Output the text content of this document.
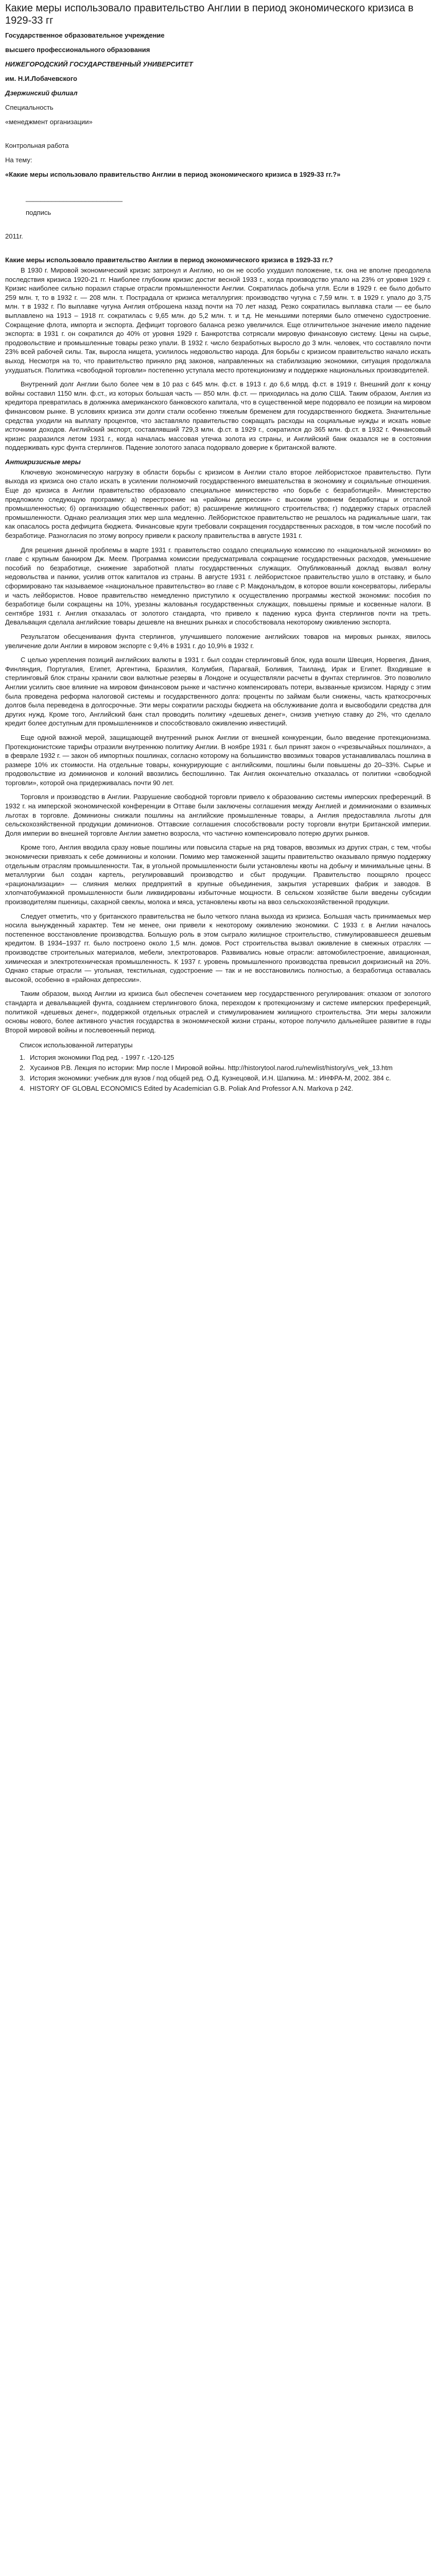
Какие меры использовало правительство Англии в период экономического кризиса в 1929-33 гг

Государственное образовательное учреждение

высшего профессионального образования

НИЖЕГОРОДСКИЙ ГОСУДАРСТВЕННЫЙ УНИВЕРСИТЕТ

им. Н.И.Лобачевского

Дзержинский филиал

Специальность

«менеджмент организации»

Контрольная работа

На тему:

«Какие меры использовало правительство Англии в период экономического кризиса в 1929-33 гг.?»

__________________________

подпись

2011г.

Какие меры использовало правительство Англии в период экономического кризиса в 1929-33 гг.?

В 1930 г. Мировой экономический кризис затронул и Англию, но он не особо ухудшил положение, т.к. она не вполне преодолела последствия кризиса 1920-21 гг. Наиболее глубоким кризис достиг весной 1933 г., когда производство упало на 23% от уровня 1929 г. Кризис наиболее сильно поразил старые отрасли промышленности Англии. Сократилась добыча угля. Если в 1929 г. ее было добыто 259 млн. т, то в 1932 г. — 208 млн. т. Пострадала от кризиса металлургия: производство чугуна с 7,59 млн. т. в 1929 г. упало до 3,75 млн. т в 1932 г. По выплавке чугуна Англия отброшена назад почти на 70 лет назад. Резко сократилась выплавка стали — ее было выплавлено на 1913 – 1918 гг. сократилась с 9,65 млн. до 5,2 млн. т. и т.д. Не меньшими потерями было отмечено судостроение. Сокращение флота, импорта и экспорта. Дефицит торгового баланса резко увеличился. Еще отличительное значение имело падение экспорта: в 1931 г. он сократился до 40% от уровня 1929 г. Банкротства сотрясали мировую финансовую систему. Цены на сырье, продовольствие и промышленные товары резко упали. В 1932 г. число безработных выросло до 3 млн. человек, что составляло почти 23% всей рабочей силы. Так, выросла нищета, усилилось недовольство народа. Для борьбы с кризисом правительство начало искать выход. Несмотря на то, что правительство приняло ряд законов, направленных на стабилизацию экономики, ситуация продолжала ухудшаться. Политика «свободной торговли» постепенно уступала место протекционизму и поддержке национальных производителей.

Внутренний долг Англии было более чем в 10 раз с 645 млн. ф.ст. в 1913 г. до 6,6 млрд. ф.ст. в 1919 г. Внешний долг к концу войны составил 1150 млн. ф.ст., из которых большая часть — 850 млн. ф.ст. — приходилась на долю США. Таким образом, Англия из кредитора превратилась в должника американского банковского капитала, что в существенной мере подорвало ее позиции на мировом финансовом рынке. В условиях кризиса эти долги стали особенно тяжелым бременем для государственного бюджета. Значительные средства уходили на выплату процентов, что заставляло правительство сокращать расходы на социальные нужды и искать новые источники доходов. Английский экспорт, составлявший 729,3 млн. ф.ст. в 1929 г., сократился до 365 млн. ф.ст. в 1932 г. Финансовый кризис разразился летом 1931 г., когда началась массовая утечка золота из страны, и Английский банк оказался не в состоянии поддерживать курс фунта стерлингов. Падение золотого запаса подорвало доверие к британской валюте.

Антикризисные меры

Ключевую экономическую нагрузку в области борьбы с кризисом в Англии стало второе лейбористское правительство. Пути выхода из кризиса оно стало искать в усилении полномочий государственного вмешательства в экономику и социальные отношения. Еще до кризиса в Англии правительство образовало специальное министерство «по борьбе с безработицей». Министерство предложило следующую программу: а) перестроение на «районы депрессии» с высоким уровнем безработицы и отсталой промышленностью; б) организацию общественных работ; в) расширение жилищного строительства; г) поддержку старых отраслей промышленности. Однако реализация этих мер шла медленно. Лейбористское правительство не решалось на радикальные шаги, так как опасалось роста дефицита бюджета. Финансовые круги требовали сокращения государственных расходов, в том числе пособий по безработице. Разногласия по этому вопросу привели к расколу правительства в августе 1931 г.

Для решения данной проблемы в марте 1931 г. правительство создало специальную комиссию по «национальной экономии» во главе с крупным банкиром Дж. Меем. Программа комиссии предусматривала сокращение государственных расходов, уменьшение пособий по безработице, снижение заработной платы государственных служащих. Опубликованный доклад вызвал волну недовольства и паники, усилив отток капиталов из страны. В августе 1931 г. лейбористское правительство ушло в отставку, и было сформировано так называемое «национальное правительство» во главе с Р. Макдональдом, в которое вошли консерваторы, либералы и часть лейбористов. Новое правительство немедленно приступило к осуществлению программы жесткой экономии: пособия по безработице были сокращены на 10%, урезаны жалованья государственных служащих, повышены прямые и косвенные налоги. В сентябре 1931 г. Англия отказалась от золотого стандарта, что привело к падению курса фунта стерлингов почти на треть. Девальвация сделала английские товары дешевле на внешних рынках и способствовала некоторому оживлению экспорта.

Результатом обесценивания фунта стерлингов, улучшившего положение английских товаров на мировых рынках, явилось увеличение доли Англии в мировом экспорте с 9,4% в 1931 г. до 10,9% в 1932 г.

С целью укрепления позиций английских валюты в 1931 г. был создан стерлинговый блок, куда вошли Швеция, Норвегия, Дания, Финляндия, Португалия, Египет, Аргентина, Бразилия, Колумбия, Парагвай, Боливия, Таиланд, Ирак и Египет. Входившие в стерлинговый блок страны хранили свои валютные резервы в Лондоне и осуществляли расчеты в фунтах стерлингов. Это позволило Англии усилить свое влияние на мировом финансовом рынке и частично компенсировать потери, вызванные кризисом. Наряду с этим была проведена реформа налоговой системы и государственного долга: проценты по займам были снижены, часть краткосрочных долгов была переведена в долгосрочные. Эти меры сократили расходы бюджета на обслуживание долга и высвободили средства для других нужд. Кроме того, Английский банк стал проводить политику «дешевых денег», снизив учетную ставку до 2%, что сделало кредит более доступным для промышленников и способствовало оживлению инвестиций.

Еще одной важной мерой, защищающей внутренний рынок Англии от внешней конкуренции, было введение протекционизма. Протекционистские тарифы отразили внутреннюю политику Англии. В ноябре 1931 г. был принят закон о «чрезвычайных пошлинах», а в феврале 1932 г. — закон об импортных пошлинах, согласно которому на большинство ввозимых товаров устанавливалась пошлина в размере 10% их стоимости. На отдельные товары, конкурирующие с английскими, пошлины были повышены до 20–33%. Сырье и продовольствие из доминионов и колоний ввозились беспошлинно. Так Англия окончательно отказалась от политики «свободной торговли», которой она придерживалась почти 90 лет.

Торговля и производство в Англии. Разрушение свободной торговли привело к образованию системы имперских преференций. В 1932 г. на имперской экономической конференции в Оттаве были заключены соглашения между Англией и доминионами о взаимных льготах в торговле. Доминионы снижали пошлины на английские промышленные товары, а Англия предоставляла льготы для сельскохозяйственной продукции доминионов. Оттавские соглашения способствовали росту торговли внутри Британской империи. Доля империи во внешней торговле Англии заметно возросла, что частично компенсировало потерю других рынков.

Кроме того, Англия вводила сразу новые пошлины или повысила старые на ряд товаров, ввозимых из других стран, с тем, чтобы экономически привязать к себе доминионы и колонии. Помимо мер таможенной защиты правительство оказывало прямую поддержку отдельным отраслям промышленности. Так, в угольной промышленности были установлены квоты на добычу и минимальные цены. В металлургии был создан картель, регулировавший производство и сбыт продукции. Правительство поощряло процесс «рационализации» — слияния мелких предприятий в крупные объединения, закрытия устаревших фабрик и заводов. В хлопчатобумажной промышленности были ликвидированы избыточные мощности. В сельском хозяйстве были введены субсидии производителям пшеницы, сахарной свеклы, молока и мяса, установлены квоты на ввоз сельскохозяйственной продукции.

Следует отметить, что у британского правительства не было четкого плана выхода из кризиса. Большая часть принимаемых мер носила вынужденный характер. Тем не менее, они привели к некоторому оживлению экономики. С 1933 г. в Англии началось постепенное восстановление производства. Большую роль в этом сыграло жилищное строительство, стимулировавшееся дешевым кредитом. В 1934–1937 гг. было построено около 1,5 млн. домов. Рост строительства вызвал оживление в смежных отраслях — производстве строительных материалов, мебели, электротоваров. Развивались новые отрасли: автомобилестроение, авиационная, химическая и электротехническая промышленность. К 1937 г. уровень промышленного производства превысил докризисный на 20%. Однако старые отрасли — угольная, текстильная, судостроение — так и не восстановились полностью, а безработица оставалась высокой, особенно в «районах депрессии».

Таким образом, выход Англии из кризиса был обеспечен сочетанием мер государственного регулирования: отказом от золотого стандарта и девальвацией фунта, созданием стерлингового блока, переходом к протекционизму и системе имперских преференций, политикой «дешевых денег», поддержкой отдельных отраслей и стимулированием жилищного строительства. Эти меры заложили основы нового, более активного участия государства в экономической жизни страны, которое получило дальнейшее развитие в годы Второй мировой войны и послевоенный период.

Список использованной литературы

1. История экономики Под ред. - 1997 г. -120-125
2. Хусаинов Р.В. Лекция по истории: Мир после I Мировой войны. http://historytool.narod.ru/newlist/history/vs_vek_13.htm
3. История экономики: учебник для вузов / под общей ред. О.Д. Кузнецовой, И.Н. Шапкина. М.: ИНФРА-М, 2002. 384 с.
4. HISTORY OF GLOBAL ECONOMICS Edited by Academician G.B. Poliak And Professor A.N. Markova p 242.
